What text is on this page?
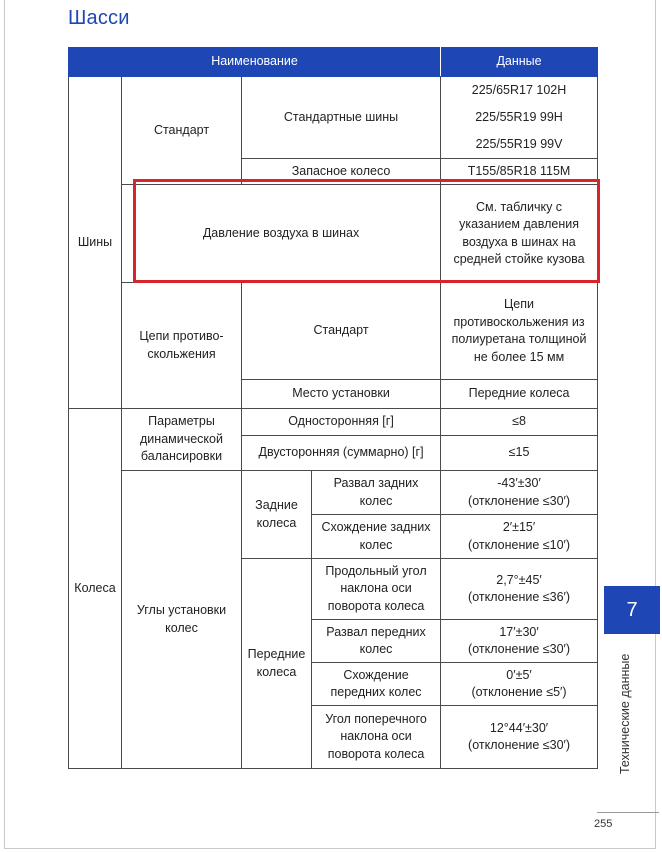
Шасси
Наименование				Данные
Шины	Стандарт	Стандартные шины		225/65R17 102H
				225/55R19 99H
				225/55R19 99V
		Запасное колесо		T155/85R18 115M
	Давление воздуха в шинах			См. табличку с указанием давления воздуха в шинах на средней стойке кузова
	Цепи противо-скольжения	Стандарт		Цепи противоскольжения из полиуретана толщиной не более 15 мм
		Место установки		Передние колеса
Колеса	Параметры динамической балансировки	Односторонняя [г]		≤8
		Двусторонняя (суммарно) [г]		≤15
	Углы установки колес	Задние колеса	Развал задних колес	-43′±30′
(отклонение ≤30′)
			Схождение задних колес	2′±15′
(отклонение ≤10′)
		Передние колеса	Продольный угол наклона оси поворота колеса	2,7°±45′
(отклонение ≤36′)
			Развал передних колес	17′±30′
(отклонение ≤30′)
			Схождение передних колес	0′±5′
(отклонение ≤5′)
			Угол поперечного наклона оси поворота колеса	12°44′±30′
(отклонение ≤30′)
7
Технические данные
255
